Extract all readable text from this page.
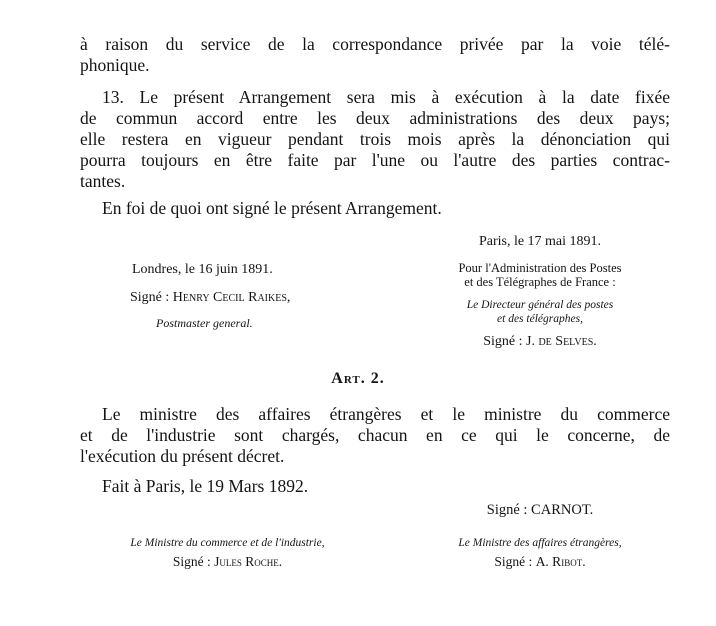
à raison du service de la correspondance privée par la voie télé-
phonique.
13. Le présent Arrangement sera mis à exécution à la date fixée
de commun accord entre les deux administrations des deux pays;
elle restera en vigueur pendant trois mois après la dénonciation qui
pourra toujours en être faite par l'une ou l'autre des parties contrac-
tantes.
En foi de quoi ont signé le présent Arrangement.
Paris, le 17 mai 1891.
Londres, le 16 juin 1891.
Signé : Henry Cecil Raikes,
Postmaster general.
Pour l'Administration des Postes
et des Télégraphes de France :
Le Directeur général des postes
et des télégraphes,
Signé : J. de Selves.
Art. 2.
Le ministre des affaires étrangères et le ministre du commerce
et de l'industrie sont chargés, chacun en ce qui le concerne, de
l'exécution du présent décret.
Fait à Paris, le 19 Mars 1892.
Signé : CARNOT.
Le Ministre du commerce et de l'industrie,
Signé : Jules Roche.
Le Ministre des affaires étrangères,
Signé : A. Ribot.
